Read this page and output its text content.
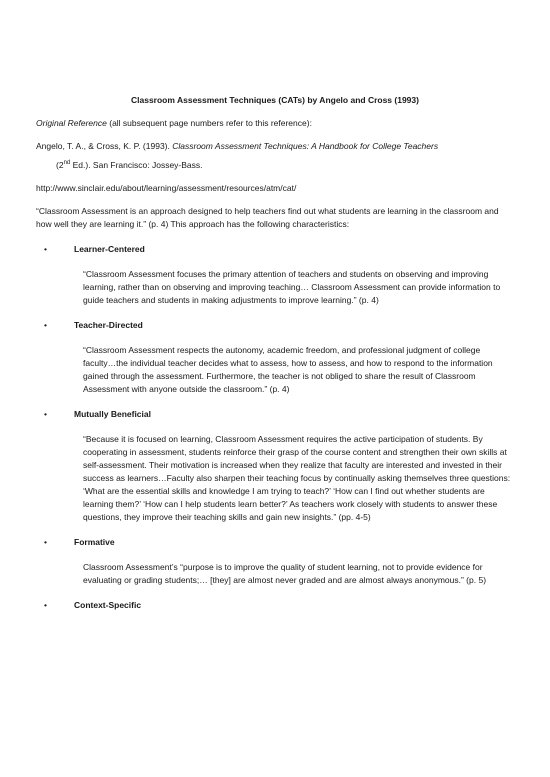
Classroom Assessment Techniques (CATs) by Angelo and Cross (1993)
Original Reference (all subsequent page numbers refer to this reference):
Angelo, T. A., & Cross, K. P. (1993). Classroom Assessment Techniques: A Handbook for College Teachers
(2nd Ed.). San Francisco: Jossey-Bass.
http://www.sinclair.edu/about/learning/assessment/resources/atm/cat/
“Classroom Assessment is an approach designed to help teachers find out what students are learning in the classroom and how well they are learning it.” (p. 4) This approach has the following characteristics:
•	Learner-Centered
“Classroom Assessment focuses the primary attention of teachers and students on observing and improving learning, rather than on observing and improving teaching… Classroom Assessment can provide information to guide teachers and students in making adjustments to improve learning.” (p. 4)
•	Teacher-Directed
“Classroom Assessment respects the autonomy, academic freedom, and professional judgment of college faculty…the individual teacher decides what to assess, how to assess, and how to respond to the information gained through the assessment. Furthermore, the teacher is not obliged to share the result of Classroom Assessment with anyone outside the classroom.” (p. 4)
•	Mutually Beneficial
“Because it is focused on learning, Classroom Assessment requires the active participation of students. By cooperating in assessment, students reinforce their grasp of the course content and strengthen their own skills at self-assessment. Their motivation is increased when they realize that faculty are interested and invested in their success as learners…Faculty also sharpen their teaching focus by continually asking themselves three questions: ‘What are the essential skills and knowledge I am trying to teach?’ ‘How can I find out whether students are learning them?’ ‘How can I help students learn better?’ As teachers work closely with students to answer these questions, they improve their teaching skills and gain new insights.” (pp. 4-5)
•	Formative
Classroom Assessment’s “purpose is to improve the quality of student learning, not to provide evidence for evaluating or grading students;… [they] are almost never graded and are almost always anonymous.” (p. 5)
•	Context-Specific
